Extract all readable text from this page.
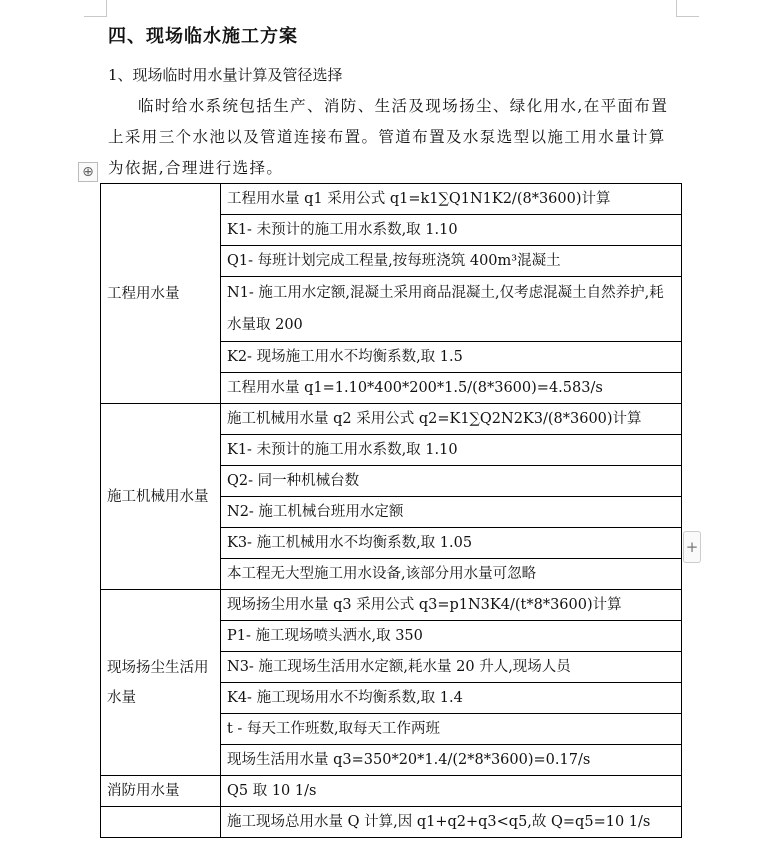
四、现场临水施工方案
1、现场临时用水量计算及管径选择
临时给水系统包括生产、消防、生活及现场扬尘、绿化用水,在平面布置上采用三个水池以及管道连接布置。管道布置及水泵选型以施工用水量计算为依据,合理进行选择。
⊕
+
工程用水量	工程用水量 q1 采用公式 q1=k1∑Q1N1K2/(8*3600)计算
	K1- 未预计的施工用水系数,取 1.10
	Q1- 每班计划完成工程量,按每班浇筑 400m³混凝土
	N1- 施工用水定额,混凝土采用商品混凝土,仅考虑混凝土自然养护,耗水量取 200
	K2- 现场施工用水不均衡系数,取 1.5
	工程用水量 q1=1.10*400*200*1.5/(8*3600)=4.583/s
施工机械用水量	施工机械用水量 q2 采用公式 q2=K1∑Q2N2K3/(8*3600)计算
	K1- 未预计的施工用水系数,取 1.10
	Q2- 同一种机械台数
	N2- 施工机械台班用水定额
	K3- 施工机械用水不均衡系数,取 1.05
	本工程无大型施工用水设备,该部分用水量可忽略
现场扬尘生活用水量	现场扬尘用水量 q3 采用公式 q3=p1N3K4/(t*8*3600)计算
	P1- 施工现场喷头洒水,取 350
	N3- 施工现场生活用水定额,耗水量 20 升人,现场人员
	K4- 施工现场用水不均衡系数,取 1.4
	t - 每天工作班数,取每天工作两班
	现场生活用水量 q3=350*20*1.4/(2*8*3600)=0.17/s
消防用水量	Q5 取 10 1/s
	施工现场总用水量 Q 计算,因 q1+q2+q3<q5,故 Q=q5=10 1/s
